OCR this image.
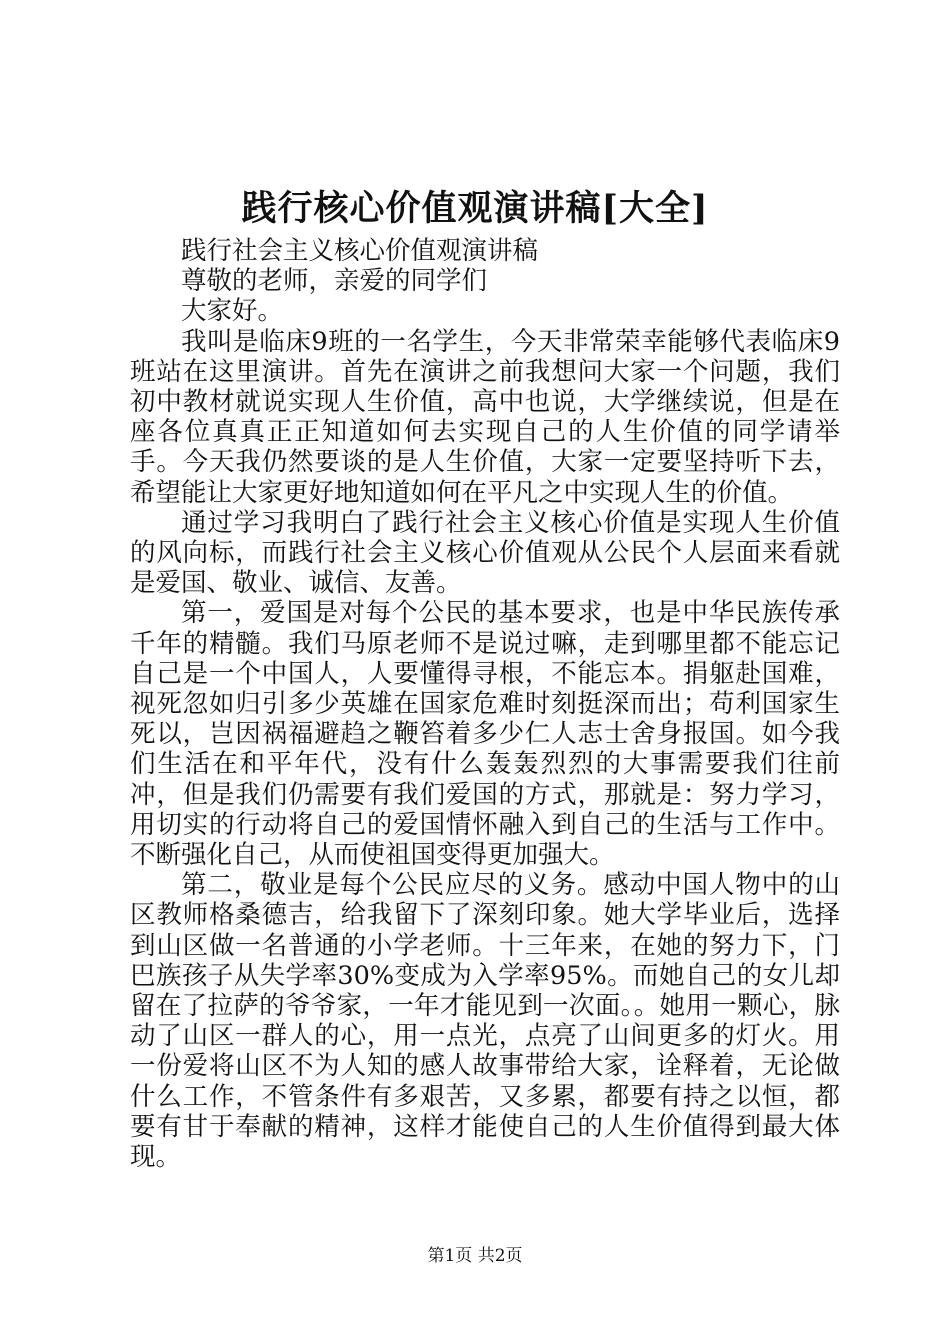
践行核心价值观演讲稿[大全]

践行社会主义核心价值观演讲稿

尊敬的老师，亲爱的同学们

大家好。

我叫是临床9班的一名学生，今天非常荣幸能够代表临床9班站在这里演讲。首先在演讲之前我想问大家一个问题，我们初中教材就说实现人生价值，高中也说，大学继续说，但是在座各位真真正正知道如何去实现自己的人生价值的同学请举手。今天我仍然要谈的是人生价值，大家一定要坚持听下去，希望能让大家更好地知道如何在平凡之中实现人生的价值。

通过学习我明白了践行社会主义核心价值是实现人生价值的风向标，而践行社会主义核心价值观从公民个人层面来看就是爱国、敬业、诚信、友善。

第一，爱国是对每个公民的基本要求，也是中华民族传承千年的精髓。我们马原老师不是说过嘛，走到哪里都不能忘记自己是一个中国人，人要懂得寻根，不能忘本。捐躯赴国难，视死忽如归引多少英雄在国家危难时刻挺深而出；苟利国家生死以，岂因祸福避趋之鞭笞着多少仁人志士舍身报国。如今我们生活在和平年代，没有什么轰轰烈烈的大事需要我们往前冲，但是我们仍需要有我们爱国的方式，那就是：努力学习，用切实的行动将自己的爱国情怀融入到自己的生活与工作中。不断强化自己，从而使祖国变得更加强大。

第二，敬业是每个公民应尽的义务。感动中国人物中的山区教师格桑德吉，给我留下了深刻印象。她大学毕业后，选择到山区做一名普通的小学老师。十三年来，在她的努力下，门巴族孩子从失学率30%变成为入学率95%。而她自己的女儿却留在了拉萨的爷爷家，一年才能见到一次面。。她用一颗心，脉动了山区一群人的心，用一点光，点亮了山间更多的灯火。用一份爱将山区不为人知的感人故事带给大家，诠释着，无论做什么工作，不管条件有多艰苦，又多累，都要有持之以恒，都要有甘于奉献的精神，这样才能使自己的人生价值得到最大体现。

第1页 共2页
